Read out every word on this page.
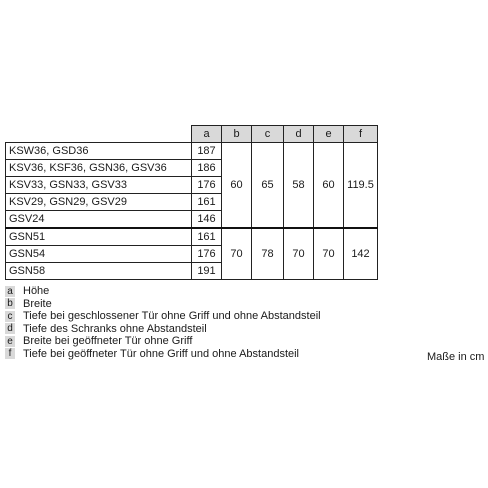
	a	b	c	d	e	f
KSW36, GSD36	187	60	65	58	60	119.5
KSV36, KSF36, GSN36, GSV36	186					
KSV33, GSN33, GSV33	176					
KSV29, GSN29, GSV29	161					
GSV24	146					
GSN51	161	70	78	70	70	142
GSN54	176					
GSN58	191					
a Höhe
b Breite
c Tiefe bei geschlossener Tür ohne Griff und ohne Abstandsteil
d Tiefe des Schranks ohne Abstandsteil
e Breite bei geöffneter Tür ohne Griff
f	Tiefe bei geöffneter Tür ohne Griff und ohne Abstandsteil	Maße in cm
